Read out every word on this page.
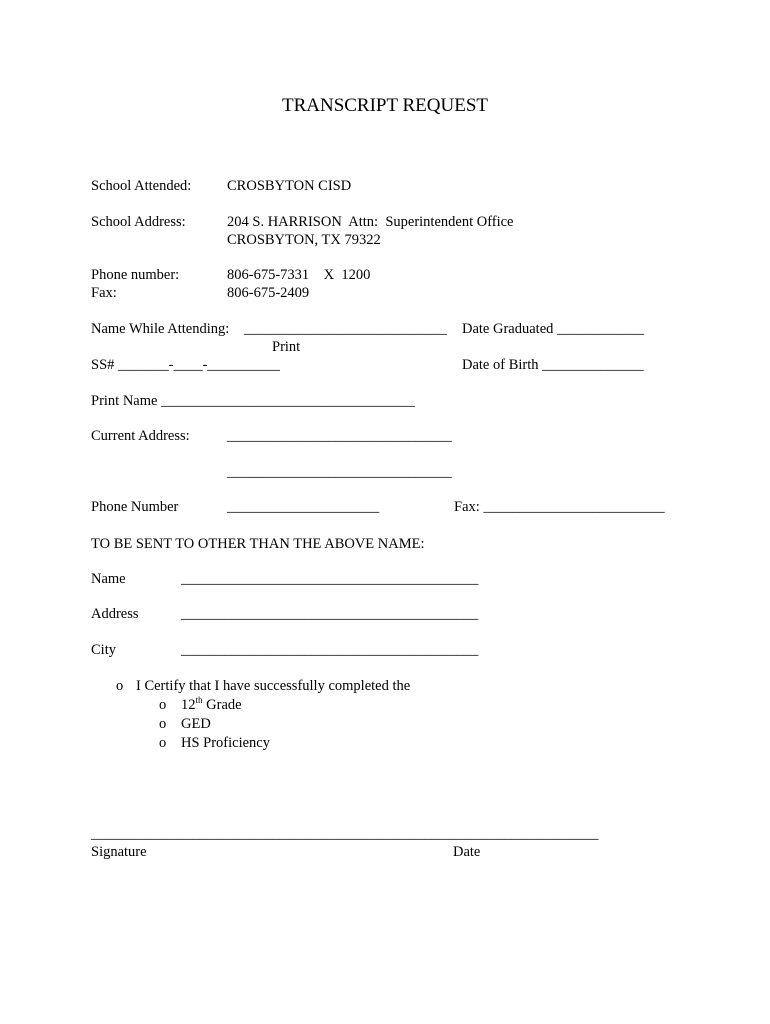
TRANSCRIPT REQUEST
School Attended: CROSBYTON CISD
School Address:	204 S. HARRISON  Attn:  Superintendent Office
CROSBYTON, TX 79322
Phone number:	806-675-7331    X  1200
Fax:	806-675-2409
Name While Attending: ____________________________ Date Graduated ____________
Print
SS# _______-____-__________	Date of Birth ______________
Print Name ___________________________________
Current Address:	_______________________________
_______________________________
Phone Number	_____________________	Fax: _________________________
TO BE SENT TO OTHER THAN THE ABOVE NAME:
Name	_________________________________________
Address	_________________________________________
City	_________________________________________
o I Certify that I have successfully completed the
o 12th Grade
o GED
o HS Proficiency
______________________________________________________________________
Signature	Date
